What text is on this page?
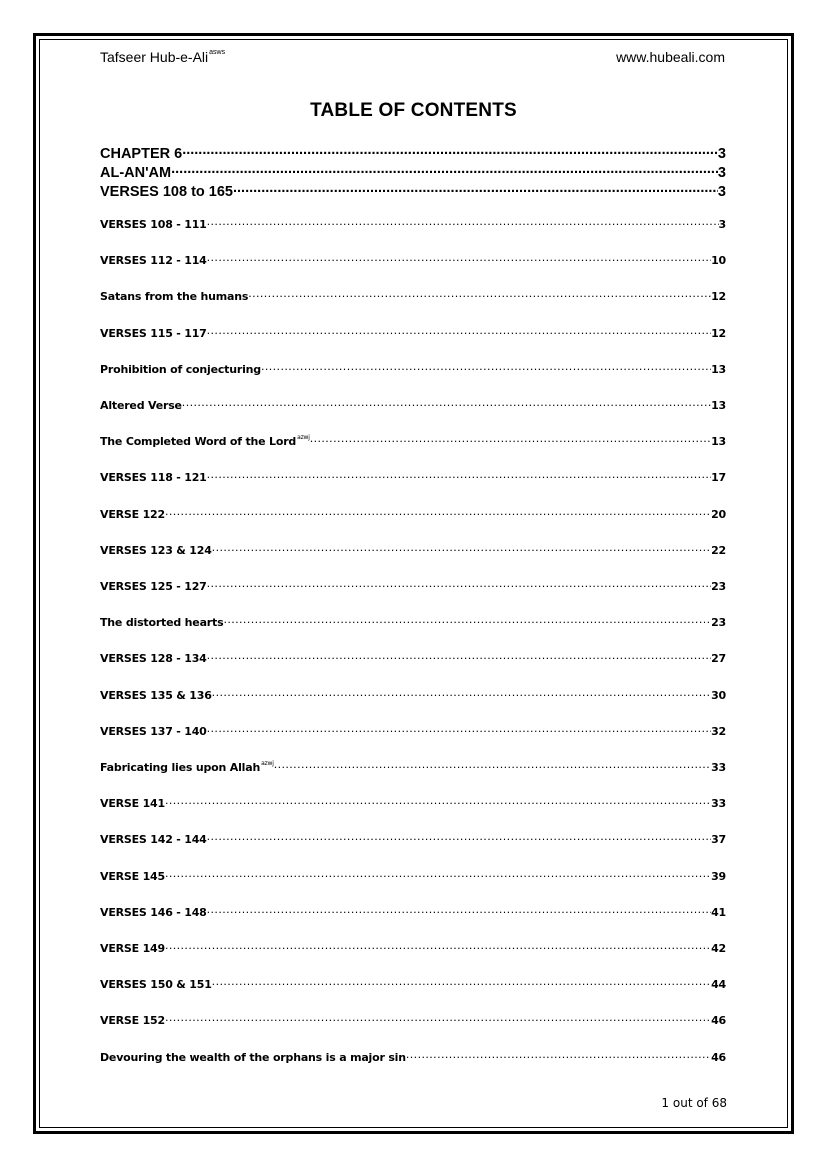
Tafseer Hub-e-Ali$^{asws}$	www.hubeali.com
TABLE OF CONTENTS
CHAPTER 6 .....	3
AL-AN'AM .....	3
VERSES 108 to 165 .....	3
VERSES 108 - 111 .....	3
VERSES 112 - 114 .....	10
Satans from the humans .....	12
VERSES 115 - 117 .....	12
Prohibition of conjecturing .....	13
Altered Verse .....	13
The Completed Word of the Lord$^{azwj}$ .....	13
VERSES 118 - 121 .....	17
VERSE 122 .....	20
VERSES 123 & 124 .....	22
VERSES 125 - 127 .....	23
The distorted hearts .....	23
VERSES 128 - 134 .....	27
VERSES 135 & 136 .....	30
VERSES 137 - 140 .....	32
Fabricating lies upon Allah$^{azwj}$ .....	33
VERSE 141 .....	33
VERSES 142 - 144 .....	37
VERSE 145 .....	39
VERSES 146 - 148 .....	41
VERSE 149 .....	42
VERSES 150 & 151 .....	44
VERSE 152 .....	46
Devouring the wealth of the orphans is a major sin .....	46
1 out of 68
